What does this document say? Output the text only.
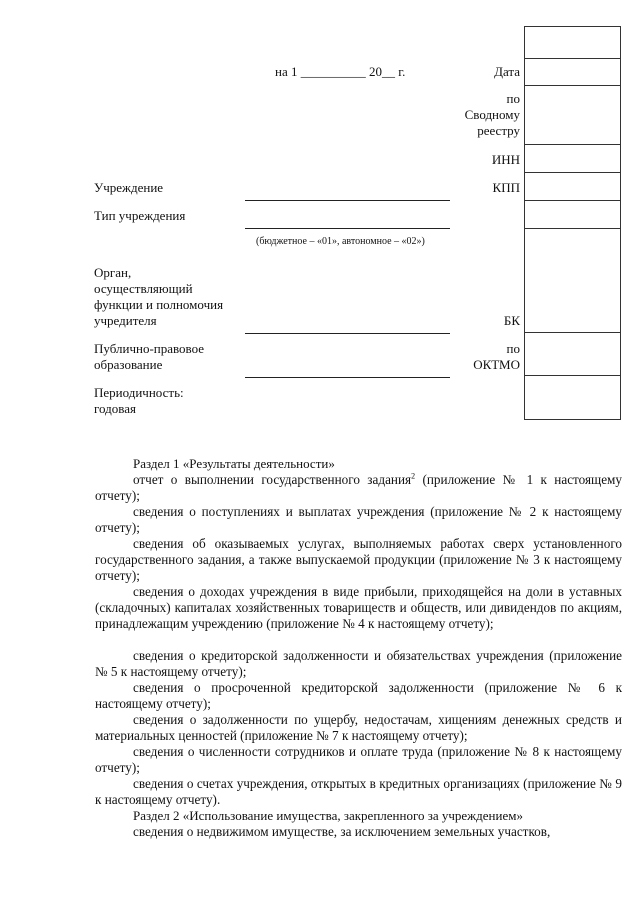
на 1 __________ 20__ г.	Дата
по
Сводному
реестру
ИНН
КПП
БК
по
ОКТМО
Учреждение
Тип учреждения
(бюджетное – «01», автономное – «02»)
Орган,
осуществляющий
функции и полномочия
учредителя
Публично-правовое
образование
Периодичность:
годовая
Раздел 1 «Результаты деятельности»
отчет о выполнении государственного задания$^2$ (приложение № 1 к настоящему отчету);
сведения о поступлениях и выплатах учреждения (приложение № 2 к настоящему отчету);
сведения об оказываемых услугах, выполняемых работах сверх установленного государственного задания, а также выпускаемой продукции (приложение № 3 к настоящему отчету);
сведения о доходах учреждения в виде прибыли, приходящейся на доли в уставных (складочных) капиталах хозяйственных товариществ и обществ, или дивидендов по акциям, принадлежащим учреждению (приложение № 4 к настоящему отчету);
сведения о кредиторской задолженности и обязательствах учреждения (приложение № 5 к настоящему отчету);
сведения о просроченной кредиторской задолженности (приложение № 6 к настоящему отчету);
сведения о задолженности по ущербу, недостачам, хищениям денежных средств и материальных ценностей (приложение № 7 к настоящему отчету);
сведения о численности сотрудников и оплате труда (приложение № 8 к настоящему отчету);
сведения о счетах учреждения, открытых в кредитных организациях (приложение № 9 к настоящему отчету).
Раздел 2 «Использование имущества, закрепленного за учреждением»
сведения о недвижимом имуществе, за исключением земельных участков,
